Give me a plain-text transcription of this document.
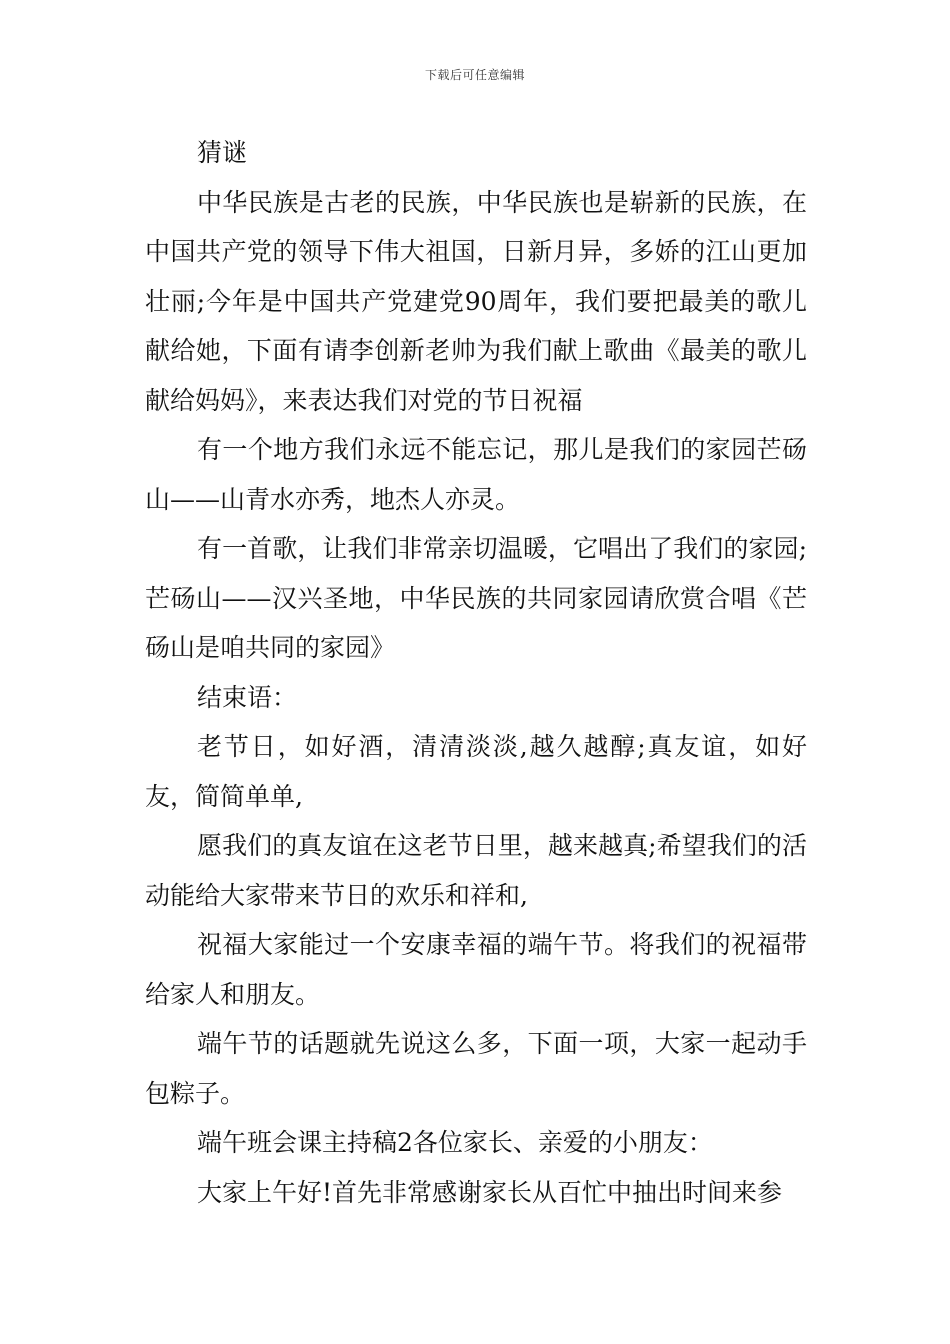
下载后可任意编辑

猜谜

中华民族是古老的民族，中华民族也是崭新的民族，在中国共产党的领导下伟大祖国，日新月异，多娇的江山更加壮丽;今年是中国共产党建党90周年，我们要把最美的歌儿献给她，下面有请李创新老帅为我们献上歌曲《最美的歌儿献给妈妈》，来表达我们对党的节日祝福

有一个地方我们永远不能忘记，那儿是我们的家园芒砀山——山青水亦秀，地杰人亦灵。

有一首歌，让我们非常亲切温暖，它唱出了我们的家园;芒砀山——汉兴圣地，中华民族的共同家园请欣赏合唱《芒砀山是咱共同的家园》

结束语：

老节日，如好酒，清清淡淡,越久越醇;真友谊，如好友，简简单单,

愿我们的真友谊在这老节日里，越来越真;希望我们的活动能给大家带来节日的欢乐和祥和,

祝福大家能过一个安康幸福的端午节。将我们的祝福带给家人和朋友。

端午节的话题就先说这么多，下面一项，大家一起动手包粽子。

端午班会课主持稿2各位家长、亲爱的小朋友：

大家上午好!首先非常感谢家长从百忙中抽出时间来参
